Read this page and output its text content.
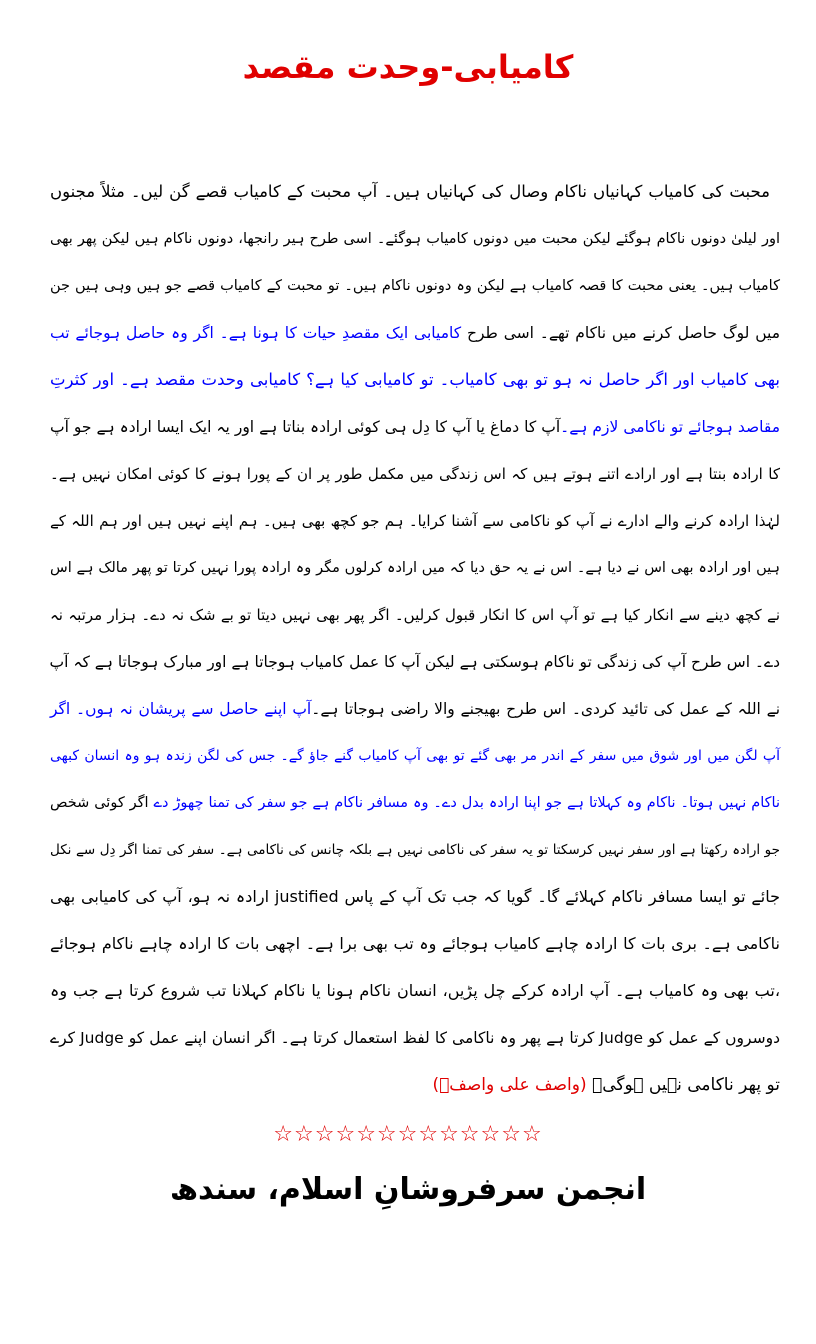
کامیابی-وحدت مقصد
محبت کی کامیاب کہانیاں ناکام وصال کی کہانیاں ہیں۔ آپ محبت کے کامیاب قصے گن لیں۔ مثلاً مجنوں
اور لیلیٰ دونوں ناکام ہوگئے لیکن محبت میں دونوں کامیاب ہوگئے۔ اسی طرح ہیر رانجھا، دونوں ناکام ہیں لیکن پھر بھی
کامیاب ہیں۔ یعنی محبت کا قصہ کامیاب ہے لیکن وہ دونوں ناکام ہیں۔ تو محبت کے کامیاب قصے جو ہیں وہی ہیں جن
میں لوگ حاصل کرنے میں ناکام تھے۔ اسی طرح کامیابی ایک مقصدِ حیات کا ہونا ہے۔ اگر وہ حاصل ہوجائے تب
بھی کامیاب اور اگر حاصل نہ ہو تو بھی کامیاب۔ تو کامیابی کیا ہے؟ کامیابی وحدت مقصد ہے۔ اور کثرتِ
مقاصد ہوجائے تو ناکامی لازم ہے۔آپ کا دماغ یا آپ کا دِل ہی کوئی ارادہ بناتا ہے اور یہ ایک ایسا ارادہ ہے جو آپ
کا ارادہ بنتا ہے اور ارادے اتنے ہوتے ہیں کہ اس زندگی میں مکمل طور پر ان کے پورا ہونے کا کوئی امکان نہیں ہے۔
لہٰذا ارادہ کرنے والے ادارے نے آپ کو ناکامی سے آشنا کرایا۔ ہم جو کچھ بھی ہیں۔ ہم اپنے نہیں ہیں اور ہم اللہ کے
ہیں اور ارادہ بھی اس نے دیا ہے۔ اس نے یہ حق دیا کہ میں ارادہ کرلوں مگر وہ ارادہ پورا نہیں کرتا تو پھر مالک ہے اس
نے کچھ دینے سے انکار کیا ہے تو آپ اس کا انکار قبول کرلیں۔ اگر پھر بھی نہیں دیتا تو بے شک نہ دے۔ ہزار مرتبہ نہ
دے۔ اس طرح آپ کی زندگی تو ناکام ہوسکتی ہے لیکن آپ کا عمل کامیاب ہوجاتا ہے اور مبارک ہوجاتا ہے کہ آپ
نے اللہ کے عمل کی تائید کردی۔ اس طرح بھیجنے والا راضی ہوجاتا ہے۔آپ اپنے حاصل سے پریشان نہ ہوں۔ اگر
آپ لگن میں اور شوق میں سفر کے اندر مر بھی گئے تو بھی آپ کامیاب گنے جاؤ گے۔ جس کی لگن زندہ ہو وہ انسان کبھی
ناکام نہیں ہوتا۔ ناکام وہ کہلاتا ہے جو اپنا ارادہ بدل دے۔ وہ مسافر ناکام ہے جو سفر کی تمنا چھوڑ دے اگر کوئی شخص
جو ارادہ رکھتا ہے اور سفر نہیں کرسکتا تو یہ سفر کی ناکامی نہیں ہے بلکہ چانس کی ناکامی ہے۔ سفر کی تمنا اگر دِل سے نکل
جائے تو ایسا مسافر ناکام کہلائے گا۔ گویا کہ جب تک آپ کے پاس justified ارادہ نہ ہو، آپ کی کامیابی بھی
ناکامی ہے۔ بری بات کا ارادہ چاہے کامیاب ہوجائے وہ تب بھی برا ہے۔ اچھی بات کا ارادہ چاہے ناکام ہوجائے
،تب بھی وہ کامیاب ہے۔ آپ ارادہ کرکے چل پڑیں، انسان ناکام ہونا یا ناکام کہلانا تب شروع کرتا ہے جب وہ
دوسروں کے عمل کو Judge کرتا ہے پھر وہ ناکامی کا لفظ استعمال کرتا ہے۔ اگر انسان اپنے عمل کو Judge کرے
تو پھر ناکامی نہیں ہوگی۔ (واصف علی واصفؔ)
☆☆☆☆☆☆☆☆☆☆☆☆☆
انجمن سرفروشانِ اسلام، سندھ
